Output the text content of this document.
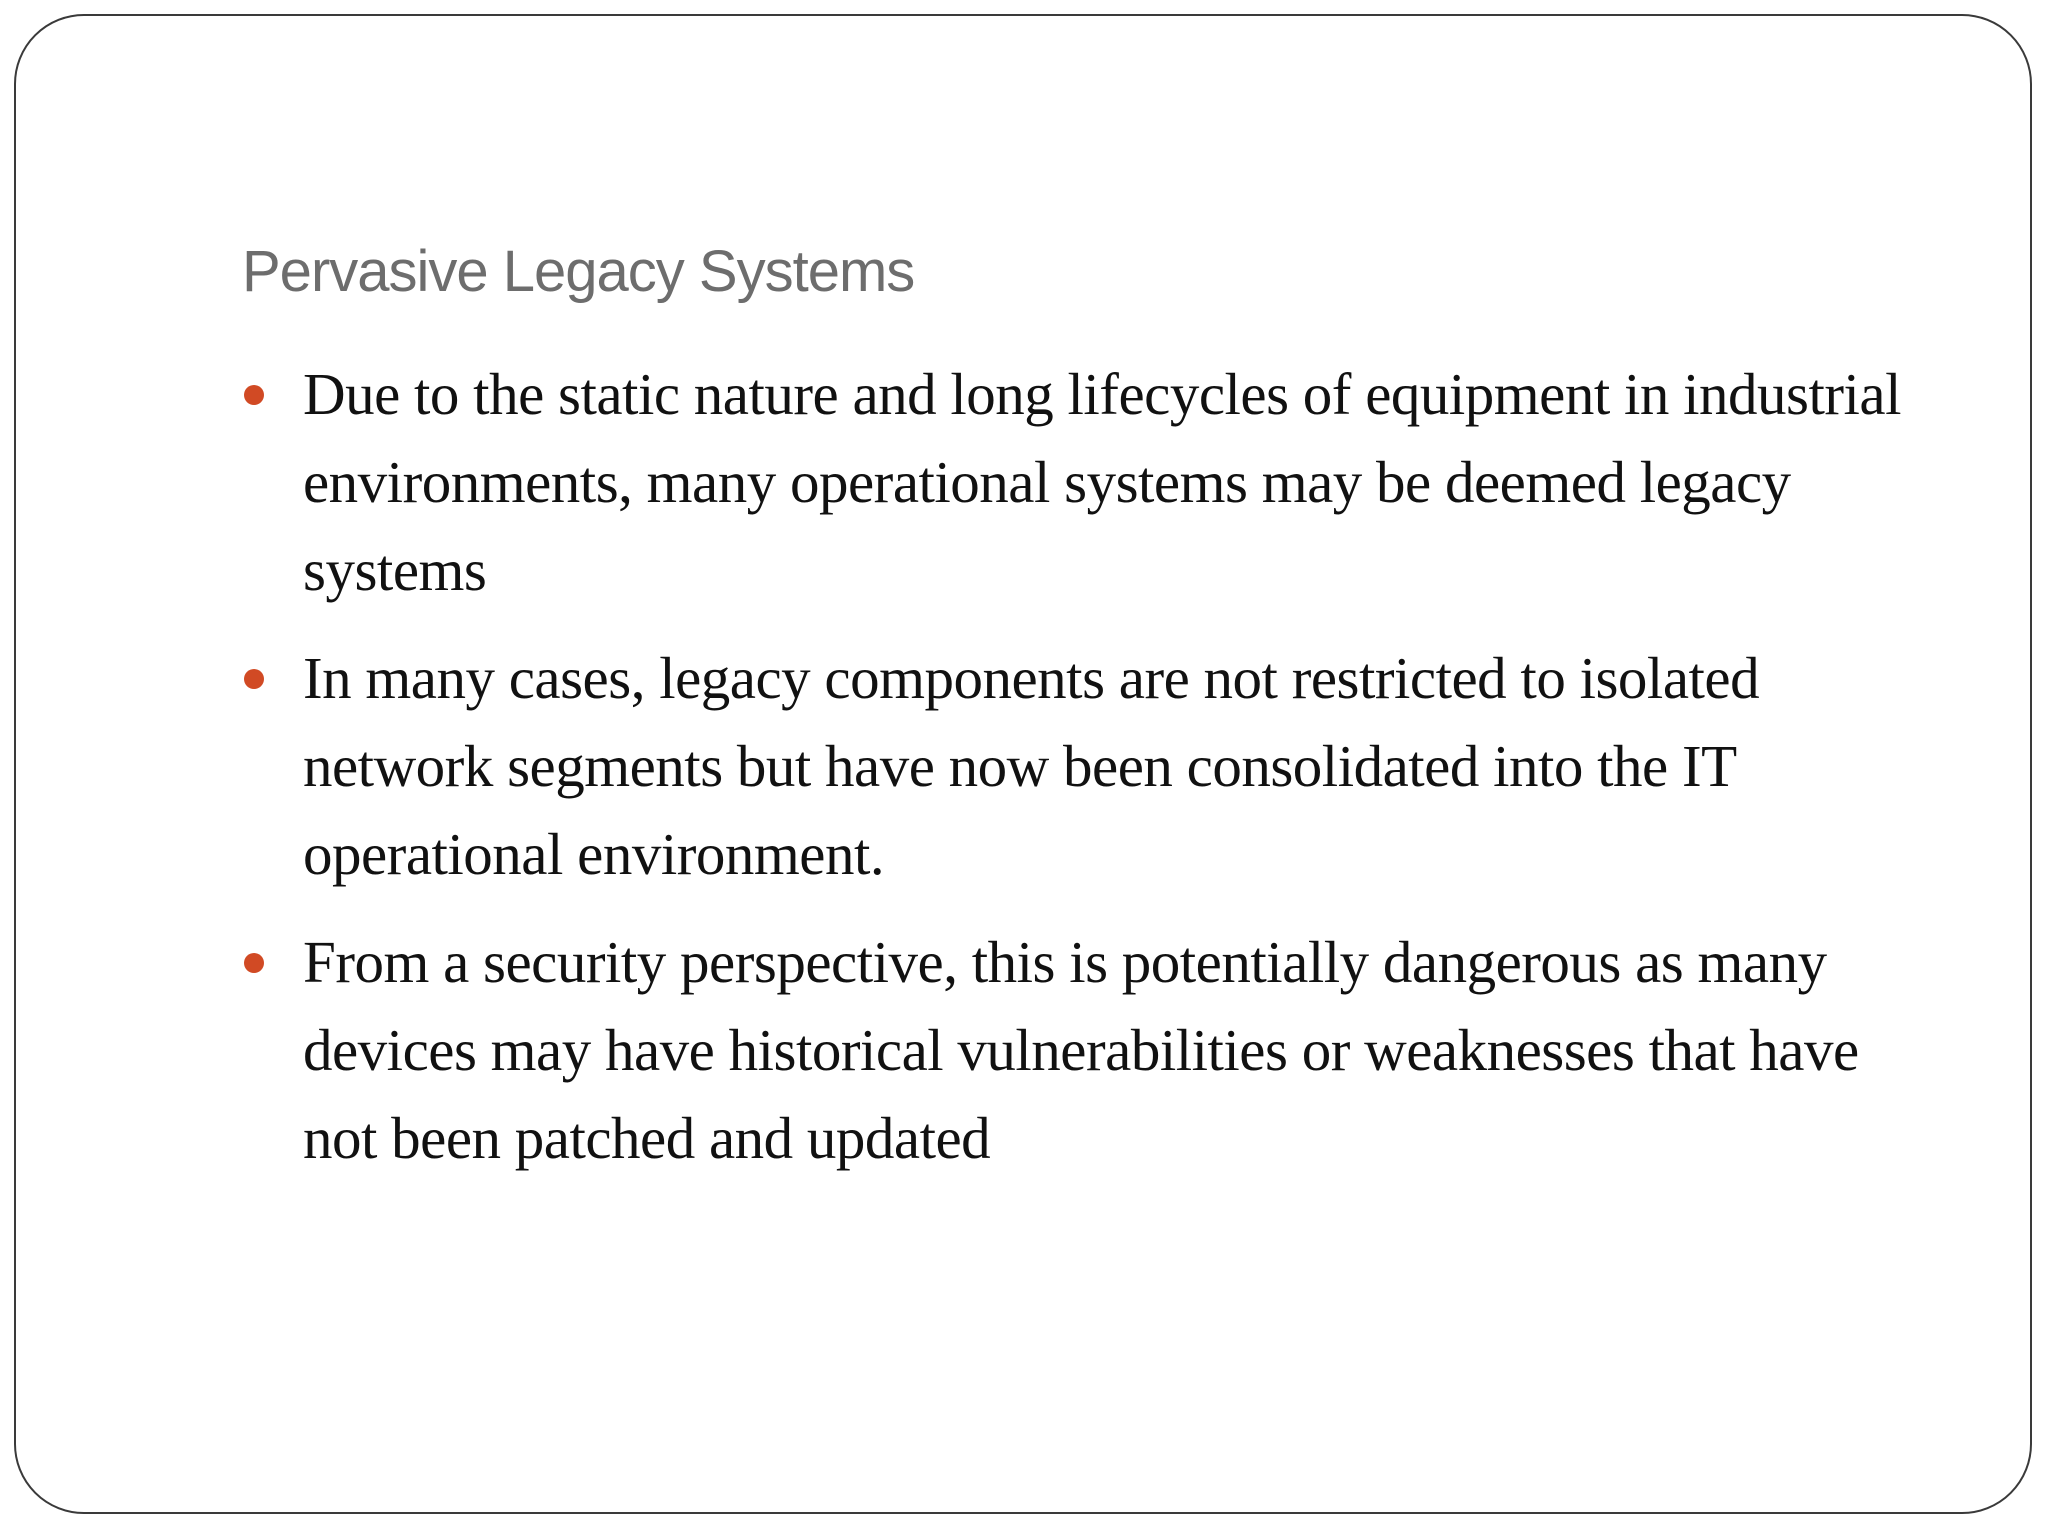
Pervasive Legacy Systems
Due to the static nature and long lifecycles of equipment in industrial environments, many operational systems may be deemed legacy systems
In many cases, legacy components are not restricted to isolated network segments but have now been consolidated into the IT operational environment.
From a security perspective, this is potentially dangerous as many devices may have historical vulnerabilities or weaknesses that have not been patched and updated
